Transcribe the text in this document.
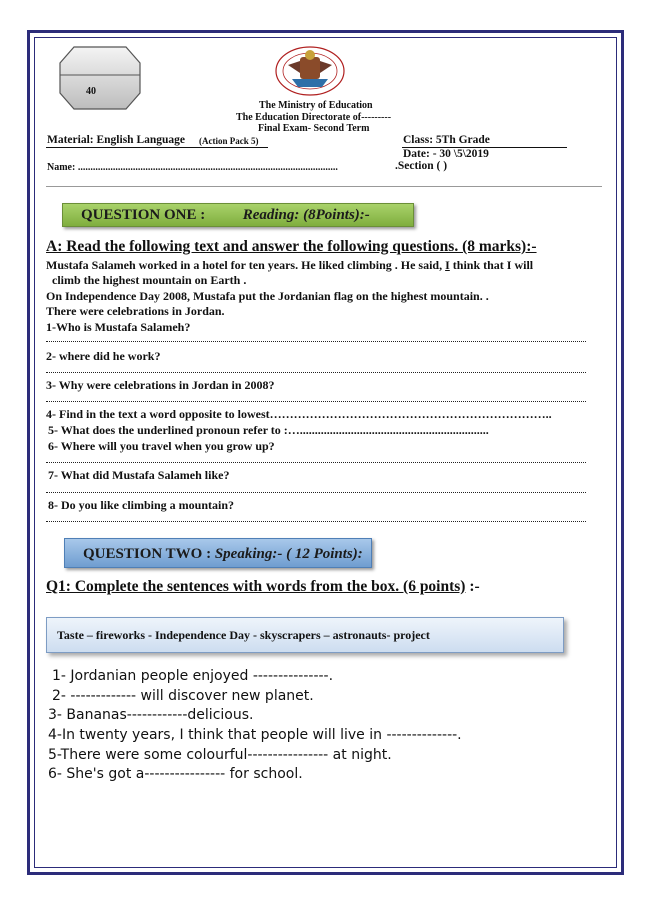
40
The Ministry of Education
The Education Directorate of---------
Final Exam- Second Term
Material: English Language (Action Pack 5)	Class: 5Th Grade
Date: - 30 \5\2019
Name: ........................................................................................................	.Section ( )
QUESTION ONE :	Reading: (8Points):-
A: Read the following text and answer the following questions. (8 marks):-
Mustafa Salameh worked in a hotel for ten years. He liked climbing . He said, I think that I will
climb the highest mountain on Earth .
On Independence Day 2008, Mustafa put the Jordanian flag on the highest mountain. .
There were celebrations in Jordan.
1-Who is Mustafa Salameh?
2- where did he work?
3- Why were celebrations in Jordan in 2008?
4- Find in the text a word opposite to lowest……………………………………………………………..
5- What does the underlined pronoun refer to :…...............................................................
6- Where will you travel when you grow up?
7- What did Mustafa Salameh like?
8- Do you like climbing a mountain?
QUESTION TWO : Speaking:- ( 12 Points):
Q1: Complete the sentences with words from the box. (6 points) :-
Taste – fireworks - Independence Day - skyscrapers – astronauts- project
1- Jordanian people enjoyed ---------------.
2- ------------- will discover new planet.
3- Bananas------------delicious.
4-In twenty years, I think that people will live in --------------.
5-There were some colourful---------------- at night.
6- She's got a---------------- for school.
